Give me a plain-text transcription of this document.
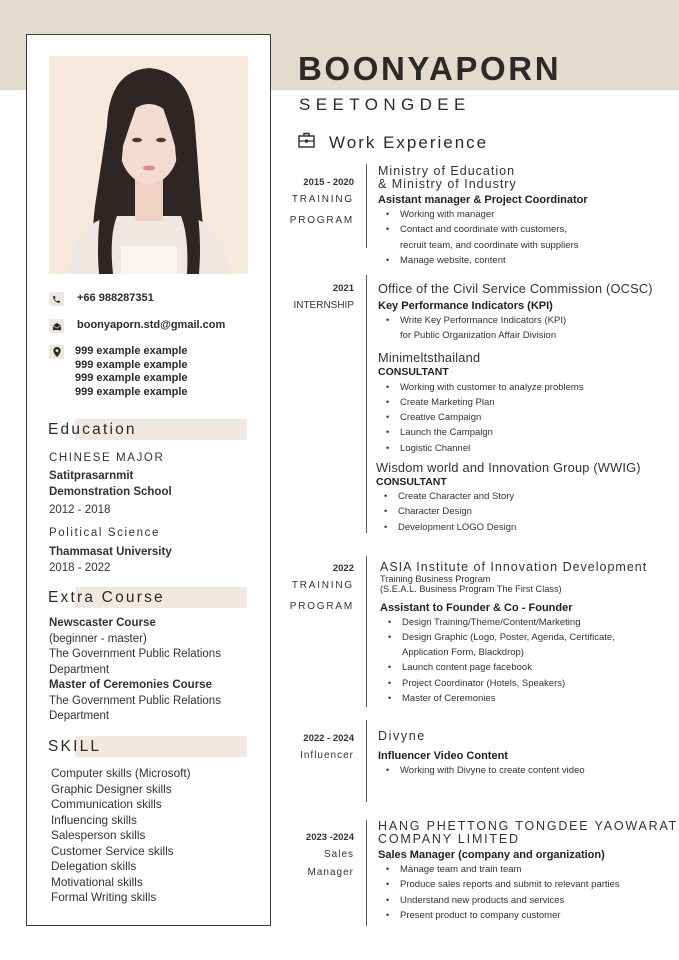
+66 988287351
boonyaporn.std@gmail.com
999 example example
999 example example
999 example example
999 example example
Education
CHINESE MAJOR
Satitprasarnmit
Demonstration School
2012 - 2018
Political Science
Thammasat University
2018 - 2022
Extra Course
Newscaster Course
(beginner - master)
The Government Public Relations
Department
Master of Ceremonies Course
The Government Public Relations
Department
SKILL
Computer skills (Microsoft)
Graphic Designer skills
Communication skills
Influencing skills
Salesperson skills
Customer Service skills
Delegation skills
Motivational skills
Formal Writing skills
BOONYAPORN
SEETONGDEE
Work Experience
2015 - 2020
TRAINING
PROGRAM
Ministry of Education
& Ministry of Industry
Asistant manager & Project Coordinator
• Working with manager
• Contact and coordinate with customers,
recruit team, and coordinate with suppliers
• Manage website, content
2021
INTERNSHIP
Office of the Civil Service Commission (OCSC)
Key Performance Indicators (KPI)
• Write Key Performance Indicators (KPI)
for Public Organization Affair Division
Minimeltsthailand
CONSULTANT
• Working with customer to analyze problems
• Create Marketing Plan
• Creative Campaign
• Launch the Campaign
• Logistic Channel
Wisdom world and Innovation Group (WWIG)
CONSULTANT
• Create Character and Story
• Character Design
• Development LOGO Design
2022
TRAINING
PROGRAM
ASIA Institute of Innovation Development
Training Business Program
(S.E.A.L. Business Program The First Class)
Assistant to Founder & Co - Founder
• Design Training/Theme/Content/Marketing
• Design Graphic (Logo, Poster, Agenda, Certificate,
Application Form, Blackdrop)
• Launch content page facebook
• Project Coordinator (Hotels, Speakers)
• Master of Ceremonies
2022 - 2024
Influencer
Divyne
Influencer Video Content
• Working with Divyne to create content video
2023 -2024
Sales
Manager
HANG PHETTONG TONGDEE YAOWARAT
COMPANY LIMITED
Sales Manager (company and organization)
• Manage team and train team
• Produce sales reports and submit to relevant parties
• Understand new products and services
• Present product to company customer
